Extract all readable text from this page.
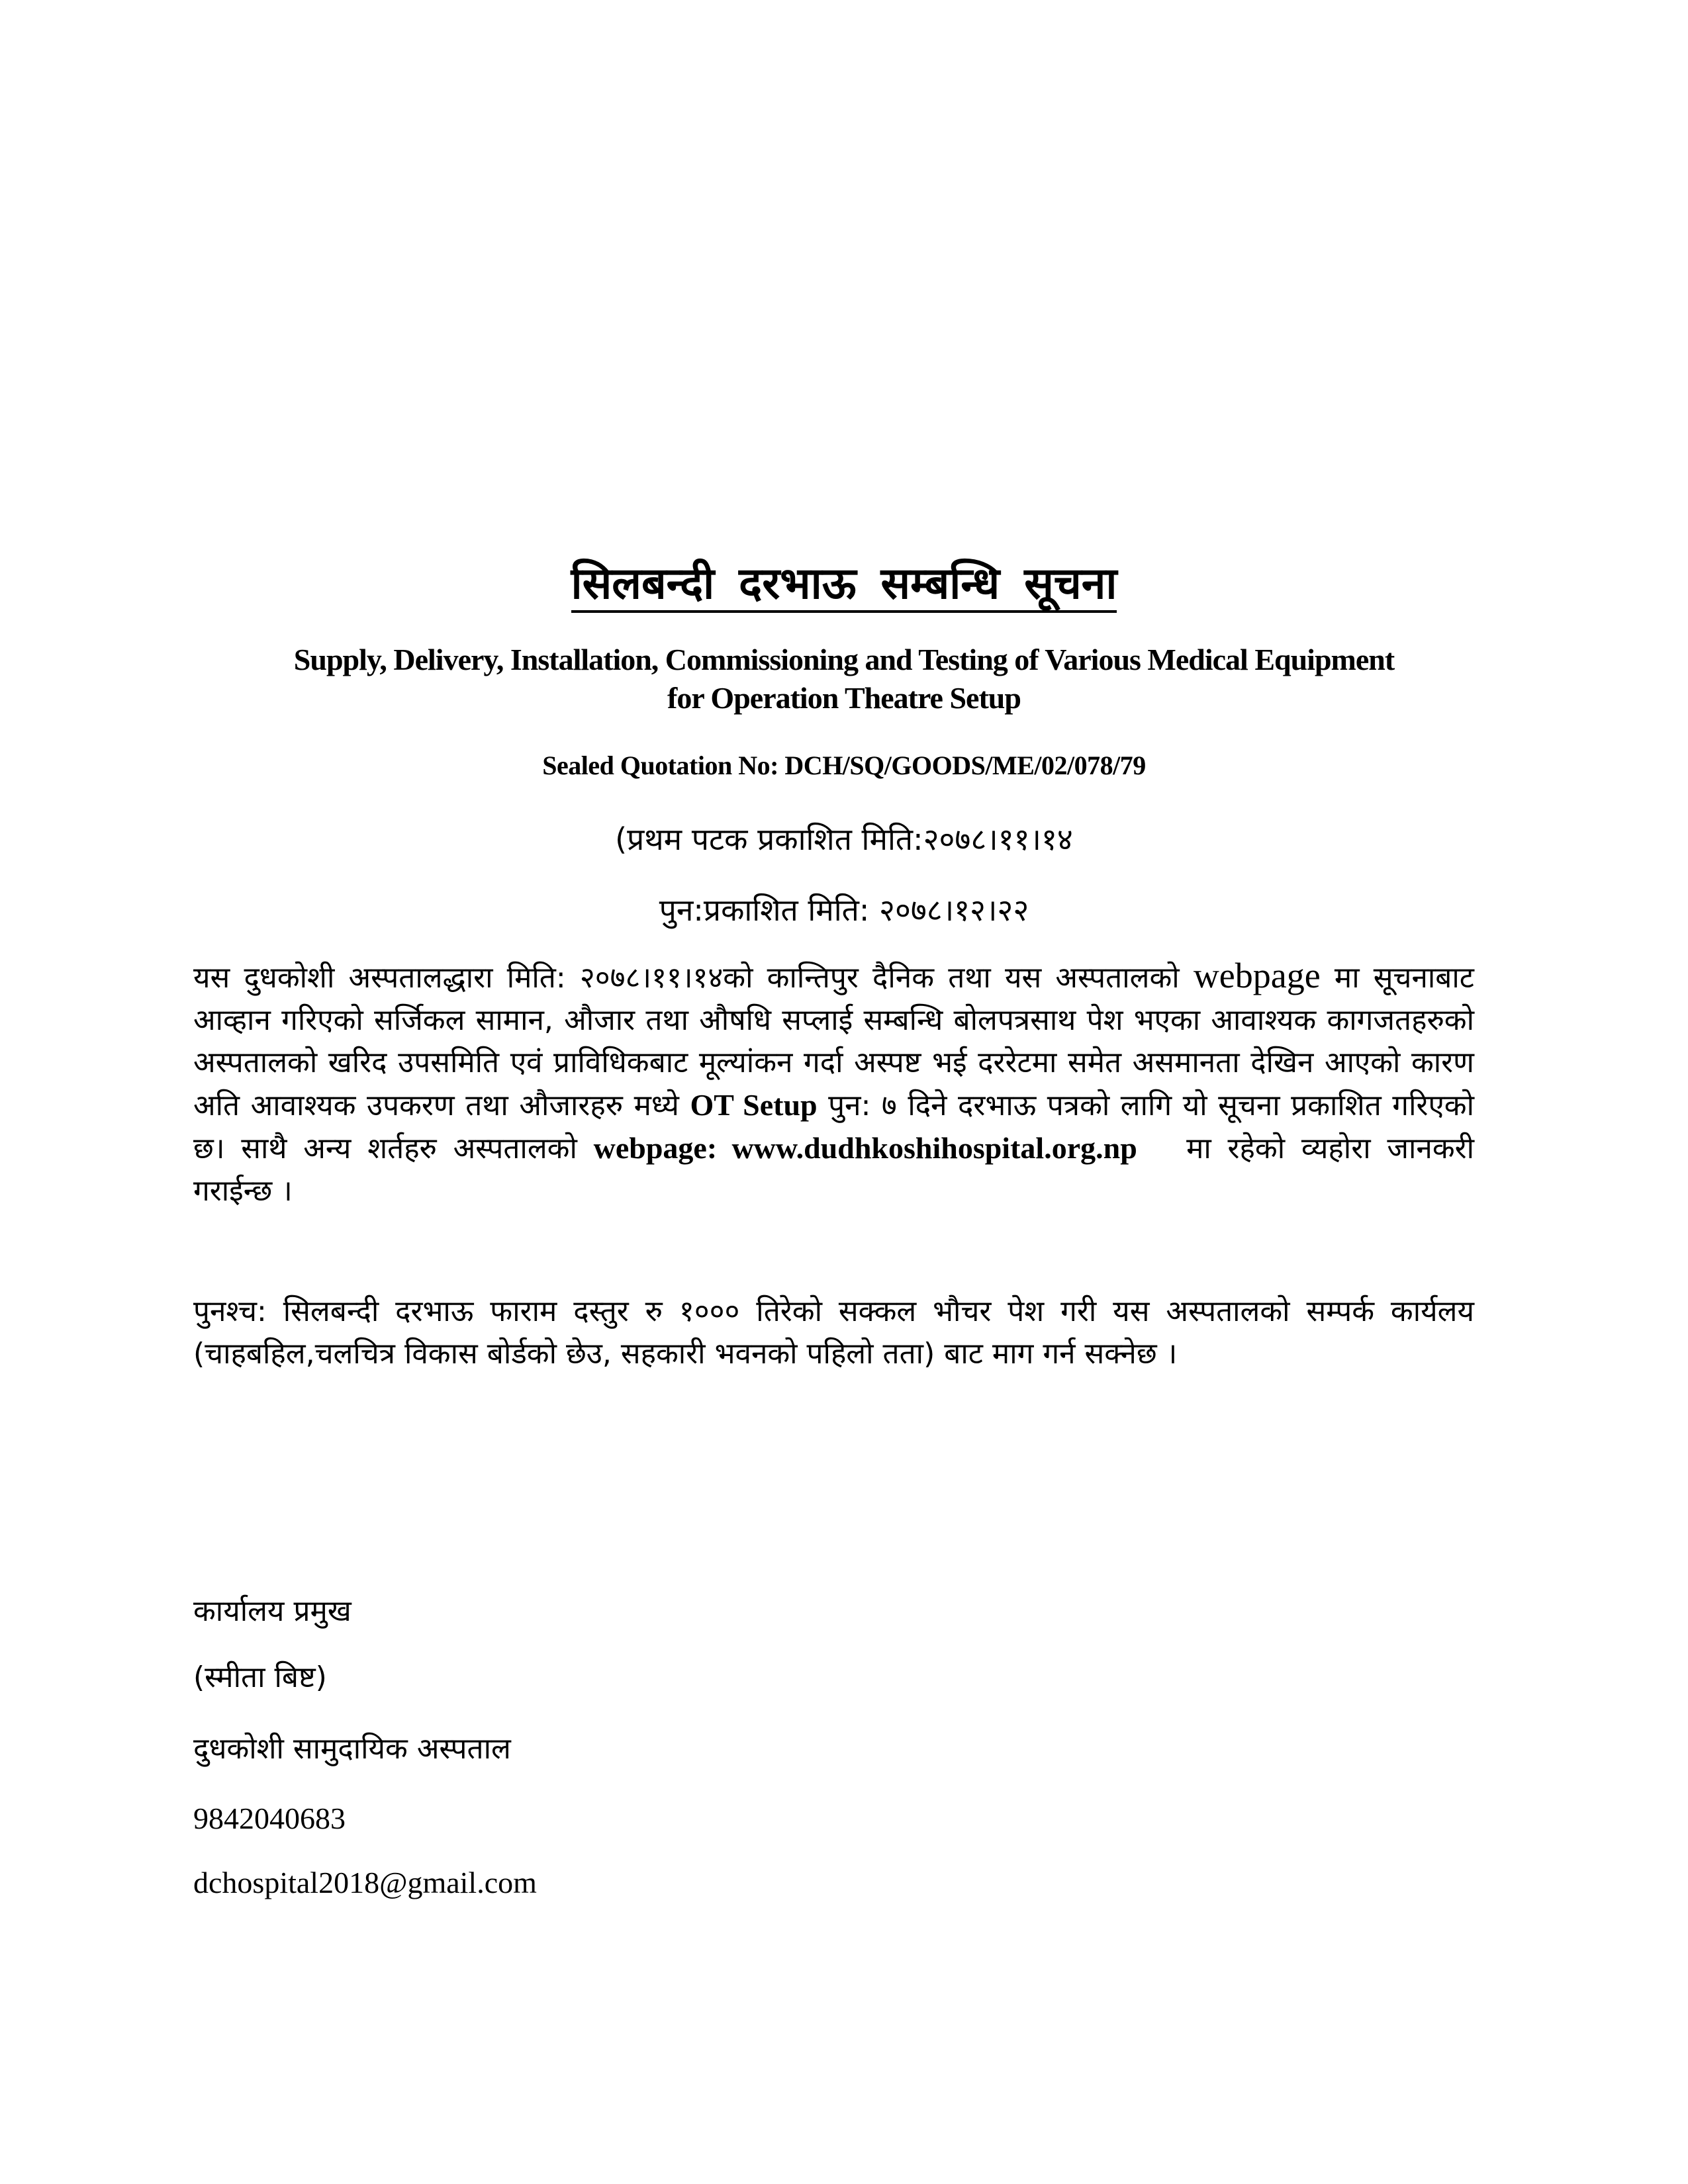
सिलबन्दी दरभाऊ सम्बन्धि सूचना
Supply, Delivery, Installation, Commissioning and Testing of Various Medical Equipment
for Operation Theatre Setup
Sealed Quotation No: DCH/SQ/GOODS/ME/02/078/79
(प्रथम पटक प्रकाशित मिति:२०७८।११।१४
पुन:प्रकाशित मिति: २०७८।१२।२२
यस दुधकोशी अस्पतालद्धारा मिति: २०७८।११।१४को कान्तिपुर दैनिक तथा यस अस्पतालको webpage मा सूचनाबाट आव्हान गरिएको सर्जिकल सामान, औजार तथा औषधि सप्लाई सम्बन्धि बोलपत्रसाथ पेश भएका आवाश्यक कागजतहरुको अस्पतालको खरिद उपसमिति एवं प्राविधिकबाट मूल्यांकन गर्दा अस्पष्ट भई दररेटमा समेत असमानता देखिन आएको कारण अति आवाश्यक उपकरण तथा औजारहरु मध्ये OT Setup पुन: ७ दिने दरभाऊ पत्रको लागि यो सूचना प्रकाशित गरिएको छ। साथै अन्य शर्तहरु अस्पतालको webpage: www.dudhkoshihospital.org.np   मा रहेको व्यहोरा जानकरी गराईन्छ ।
पुनश्च: सिलबन्दी दरभाऊ फाराम दस्तुर रु १००० तिरेको सक्कल भौचर पेश गरी यस अस्पतालको सम्पर्क कार्यलय (चाहबहिल,चलचित्र विकास बोर्डको छेउ, सहकारी भवनको पहिलो तता) बाट माग गर्न सक्नेछ ।
कार्यालय प्रमुख
(स्मीता बिष्ट)
दुधकोशी सामुदायिक अस्पताल
9842040683
dchospital2018@gmail.com
